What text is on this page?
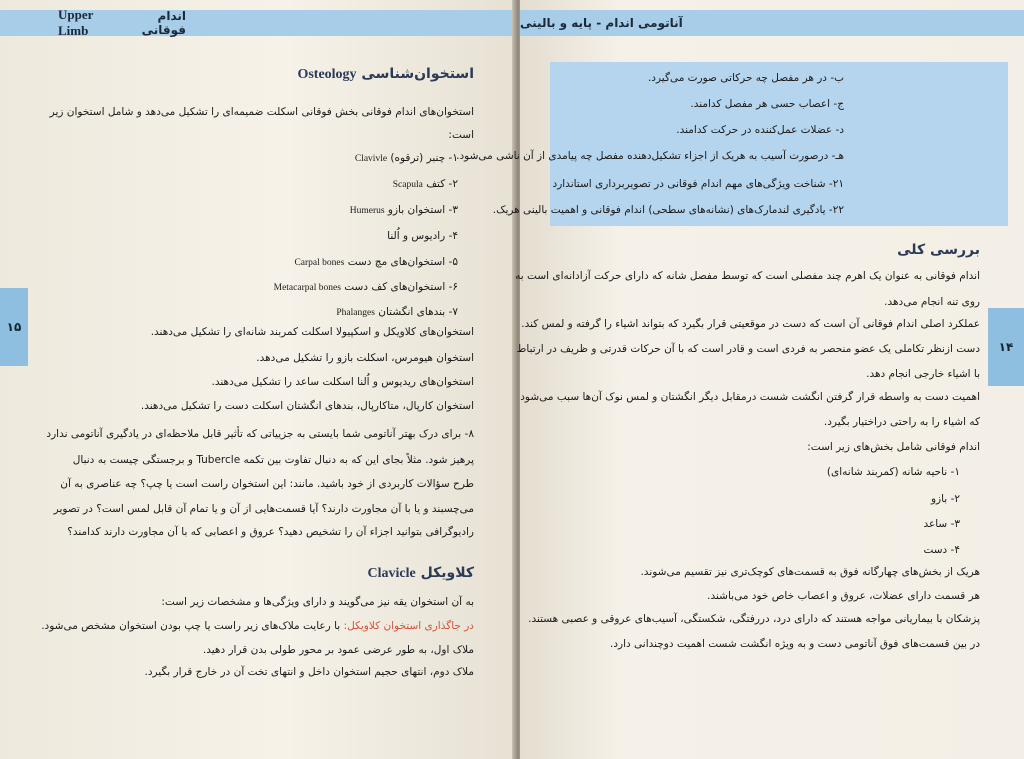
Upper Limb
اندام فوقانی
۱۵
استخوان‌شناسی Osteology
استخوان‌های اندام فوقانی بخش فوقانی اسکلت ضمیمه‌ای را تشکیل می‌دهد و شامل استخوان زیر
است:
۱- چنبر (ترقوه) Clavivle
۲- کتف Scapula
۳- استخوان بازو Humerus
۴- رادیوس و اُلنا
۵- استخوان‌های مچ دست Carpal bones
۶- استخوان‌های کف دست Metacarpal bones
۷- بندهای انگشتان Phalanges
استخوان‌های کلاویکل و اسکپیولا اسکلت کمربند شانه‌ای را تشکیل می‌دهند.
استخوان هیومرس، اسکلت بازو را تشکیل می‌دهد.
استخوان‌های ریدیوس و اُلنا اسکلت ساعد را تشکیل می‌دهند.
استخوان کارپال، متاکارپال، بندهای انگشتان اسکلت دست را تشکیل می‌دهند.
۸- برای درک بهتر آناتومی شما بایستی به جزییاتی که تأثیر قابل ملاحظه‌ای در یادگیری آناتومی ندارد
پرهیز شود. مثلاً بجای این که به دنبال تفاوت بین تکمه Tubercle و برجستگی چیست به دنبال
طرح سؤالات کاربردی از خود باشید. مانند: این استخوان راست است یا چپ؟ چه عناصری به آن
می‌چسبند و یا با آن مجاورت دارند؟ آیا قسمت‌هایی از آن و یا تمام آن قابل لمس است؟ در تصویر
رادیوگرافی بتوانید اجزاء آن را تشخیص دهید؟ عروق و اعصابی که با آن مجاورت دارند کدامند؟
کلاویکل Clavicle
به آن استخوان یقه نیز می‌گویند و دارای ویژگی‌ها و مشخصات زیر است:
در جاگذاری استخوان کلاویکل: با رعایت ملاک‌های زیر راست یا چپ بودن استخوان مشخص می‌شود.
ملاک اول، به طور عرضی عمود بر محور طولی بدن قرار دهید.
ملاک دوم، انتهای حجیم استخوان داخل و انتهای تخت آن در خارج قرار بگیرد.
آناتومی اندام - پایه و بالینی
ب- در هر مفصل چه حرکاتی صورت می‌گیرد.
ج- اعصاب حسی هر مفصل کدامند.
د- عضلات عمل‌کننده در حرکت کدامند.
هـ- درصورت آسیب به هریک از اجزاء تشکیل‌دهنده مفصل چه پیامدی از آن ناشی می‌شود.
۲۱- شناخت ویژگی‌های مهم اندام فوقانی در تصویربرداری استاندارد
۲۲- یادگیری لندمارک‌های (نشانه‌های سطحی) اندام فوقانی و اهمیت بالینی هریک.
بررسی کلی
اندام فوقانی به عنوان یک اهرم چند مفصلی است که توسط مفصل شانه که دارای حرکت آزادانه‌ای است به
روی تنه انجام می‌دهد.
عملکرد اصلی اندام فوقانی آن است که دست در موقعیتی قرار بگیرد که بتواند اشیاء را گرفته و لمس کند.
دست ازنظر تکاملی یک عضو منحصر به فردی است و قادر است که با آن حرکات قدرتی و ظریف در ارتباط
با اشیاء خارجی انجام دهد.
اهمیت دست به واسطه قرار گرفتن انگشت شست درمقابل دیگر انگشتان و لمس نوک آن‌ها سبب می‌شود
که اشیاء را به راحتی دراختیار بگیرد.
اندام فوقانی شامل بخش‌های زیر است:
۱- ناحیه شانه (کمربند شانه‌ای)
۲- بازو
۳- ساعد
۴- دست
هریک از بخش‌های چهارگانه فوق به قسمت‌های کوچک‌تری نیز تقسیم می‌شوند.
هر قسمت دارای عضلات، عروق و اعصاب خاص خود می‌باشند.
پزشکان با بیماریانی مواجه هستند که دارای درد، دررفتگی، شکستگی، آسیب‌های عروقی و عصبی هستند.
در بین قسمت‌های فوق آناتومی دست و به ویژه انگشت شست اهمیت دوچندانی دارد.
۱۴
